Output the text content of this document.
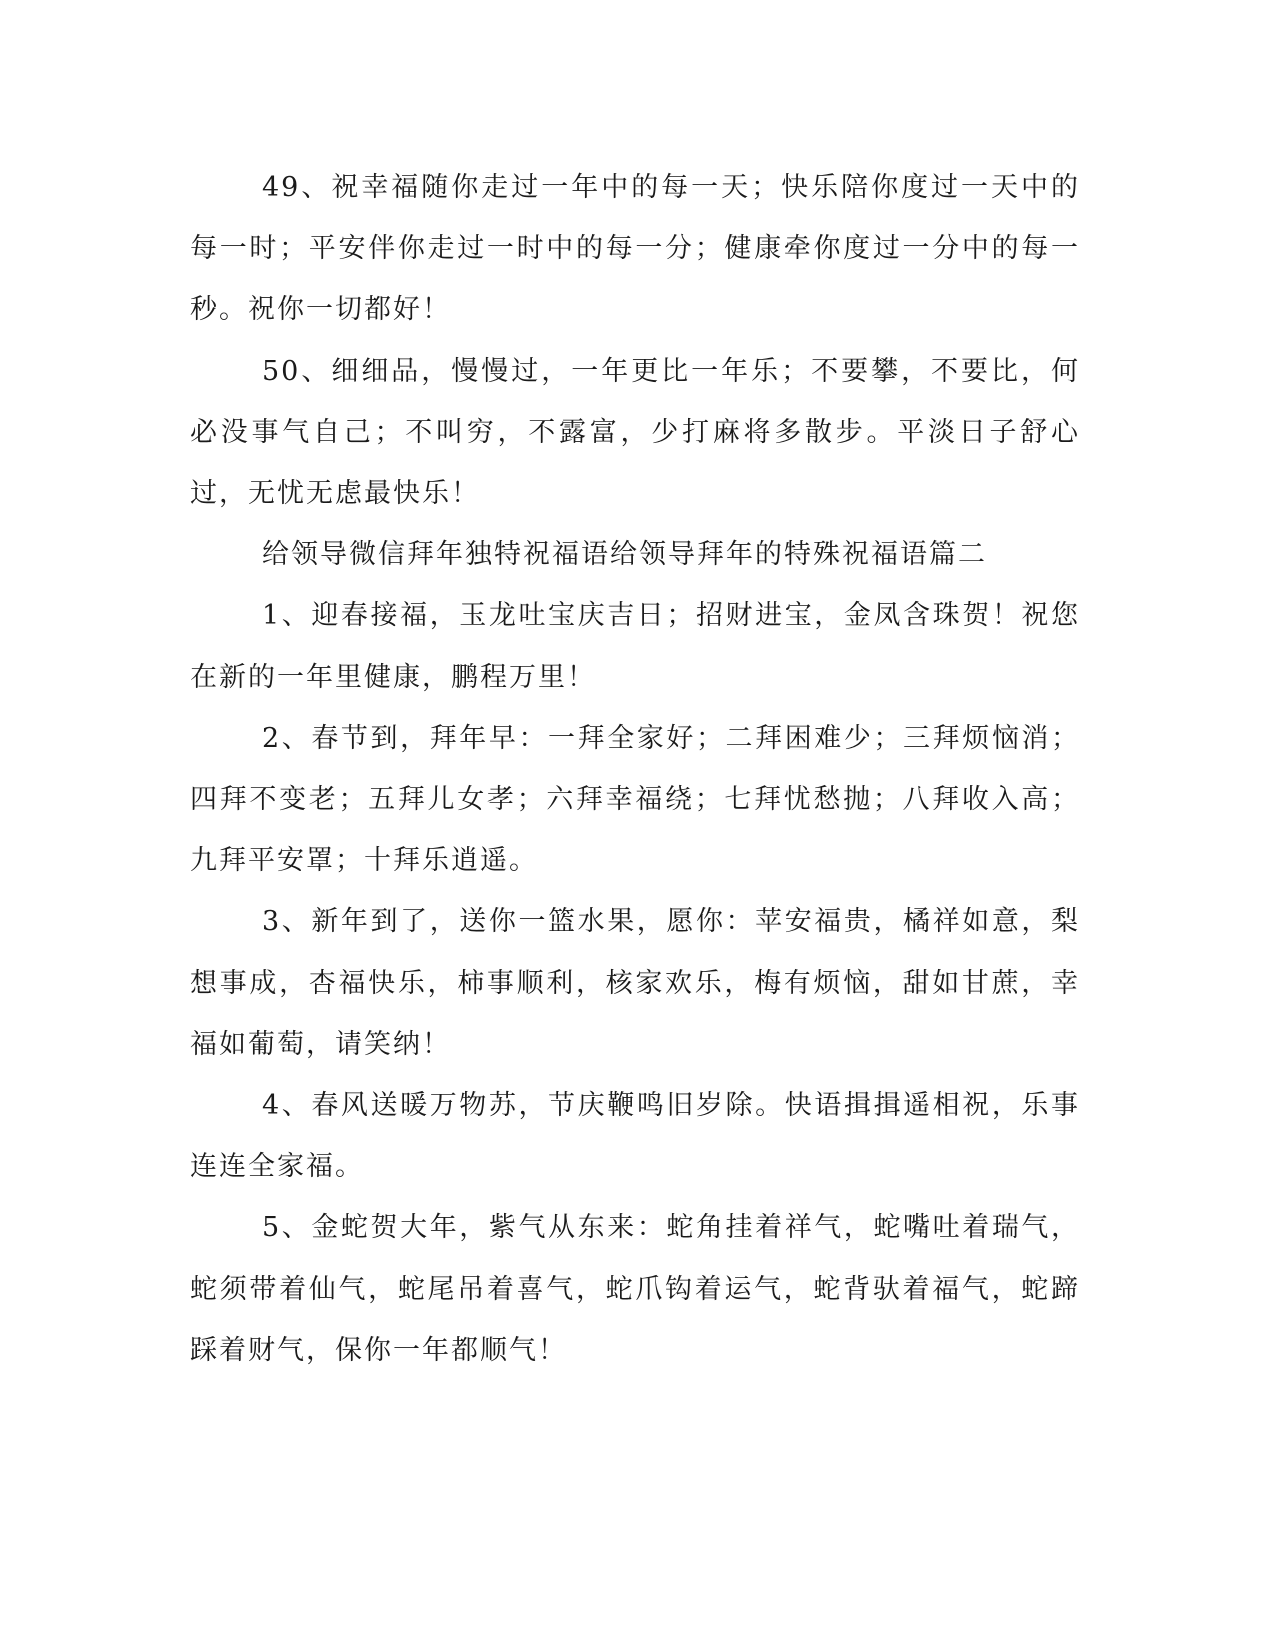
49、祝幸福随你走过一年中的每一天；快乐陪你度过一天中的每一时；平安伴你走过一时中的每一分；健康牵你度过一分中的每一秒。祝你一切都好！

50、细细品，慢慢过，一年更比一年乐；不要攀，不要比，何必没事气自己；不叫穷，不露富，少打麻将多散步。平淡日子舒心过，无忧无虑最快乐！

给领导微信拜年独特祝福语给领导拜年的特殊祝福语篇二

1、迎春接福，玉龙吐宝庆吉日；招财进宝，金凤含珠贺！祝您在新的一年里健康，鹏程万里！

2、春节到，拜年早：一拜全家好；二拜困难少；三拜烦恼消；四拜不变老；五拜儿女孝；六拜幸福绕；七拜忧愁抛；八拜收入高；九拜平安罩；十拜乐逍遥。

3、新年到了，送你一篮水果，愿你：苹安福贵，橘祥如意，梨想事成，杏福快乐，柿事顺利，核家欢乐，梅有烦恼，甜如甘蔗，幸福如葡萄，请笑纳！

4、春风送暖万物苏，节庆鞭鸣旧岁除。快语揖揖遥相祝，乐事连连全家福。

5、金蛇贺大年，紫气从东来：蛇角挂着祥气，蛇嘴吐着瑞气，蛇须带着仙气，蛇尾吊着喜气，蛇爪钩着运气，蛇背驮着福气，蛇蹄踩着财气，保你一年都顺气！
